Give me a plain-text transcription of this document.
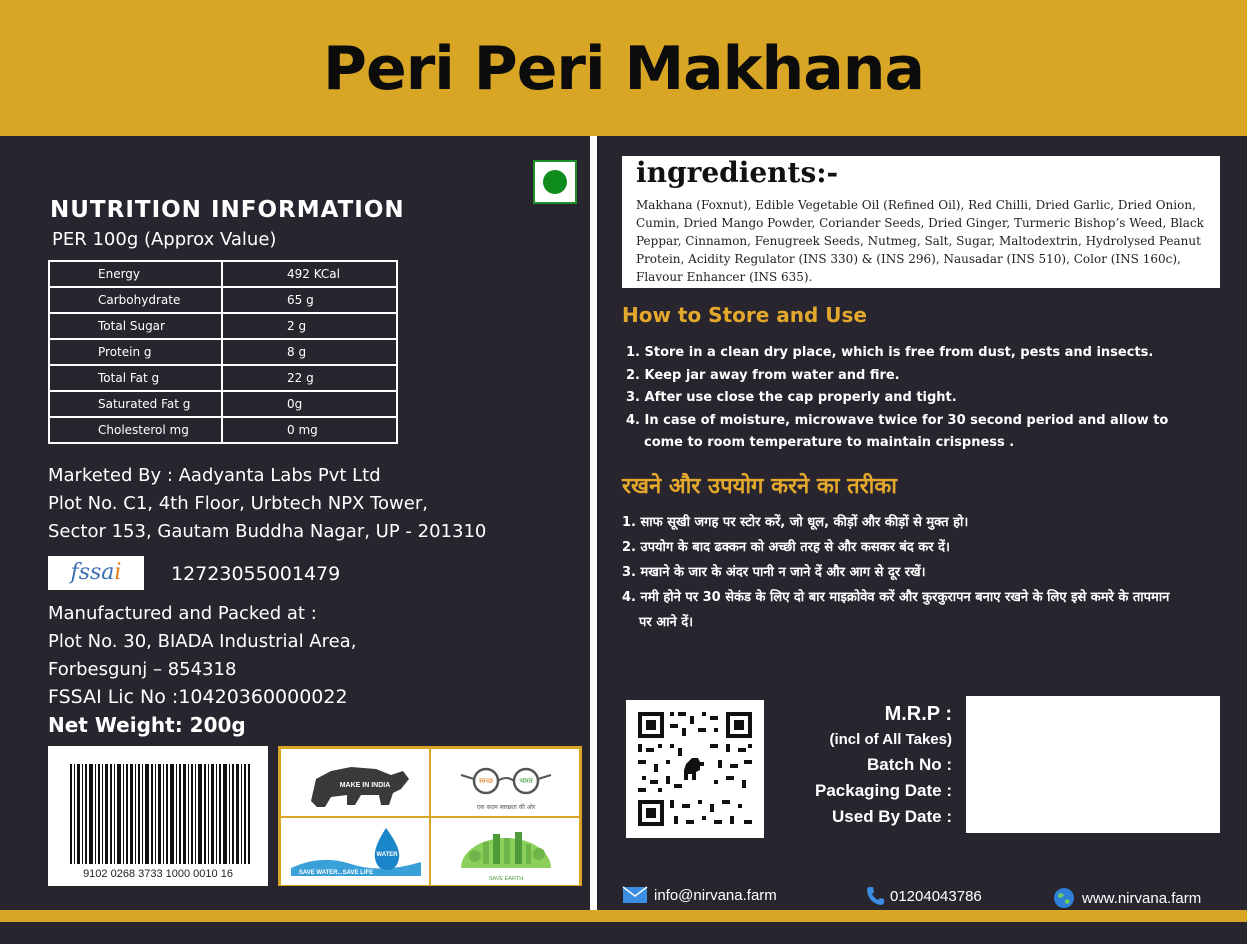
Peri Peri Makhana
NUTRITION INFORMATION
PER 100g (Approx Value)
Energy	492 KCal
Carbohydrate	65 g
Total Sugar	2 g
Protein g	8 g
Total Fat g	22 g
Saturated Fat g	0g
Cholesterol mg	0 mg
Marketed By : Aadyanta Labs Pvt Ltd
Plot No. C1, 4th Floor, Urbtech NPX Tower,
Sector 153, Gautam Buddha Nagar, UP - 201310
fssai	12723055001479
Manufactured and Packed at :
Plot No. 30, BIADA Industrial Area,
Forbesgunj – 854318
FSSAI Lic No :10420360000022
Net Weight: 200g
9102 0268 3733 1000 0010 16
MAKE IN INDIA
स्वच्छ	भारत
एक कदम स्वच्छता की ओर
WATER
SAVE WATER...SAVE LIFE
SAVE EARTH
ingredients:-
Makhana (Foxnut), Edible Vegetable Oil (Refined Oil), Red Chilli, Dried Garlic, Dried Onion, Cumin, Dried Mango Powder, Coriander Seeds, Dried Ginger, Turmeric Bishop’s Weed, Black Peppar, Cinnamon, Fenugreek Seeds, Nutmeg, Salt, Sugar, Maltodextrin, Hydrolysed Peanut Protein, Acidity Regulator (INS 330) & (INS 296), Nausadar (INS 510), Color (INS 160c), Flavour Enhancer (INS 635).
How to Store and Use
1. Store in a clean dry place, which is free from dust, pests and insects.
2. Keep jar away from water and fire.
3. After use close the cap properly and tight.
4. In case of moisture, microwave twice for 30 second period and allow to come to room temperature to maintain crispness .
रखने और उपयोग करने का तरीका
1. साफ सूखी जगह पर स्टोर करें, जो धूल, कीड़ों और कीड़ों से मुक्त हो।
2. उपयोग के बाद ढक्कन को अच्छी तरह से और कसकर बंद कर दें।
3. मखाने के जार के अंदर पानी न जाने दें और आग से दूर रखें।
4. नमी होने पर 30 सेकंड के लिए दो बार माइक्रोवेव करें और कुरकुरापन बनाए रखने के लिए इसे कमरे के तापमान पर आने दें।
M.R.P :
(incl of All Takes)
Batch No :
Packaging Date :
Used By Date :
info@nirvana.farm	01204043786	www.nirvana.farm
